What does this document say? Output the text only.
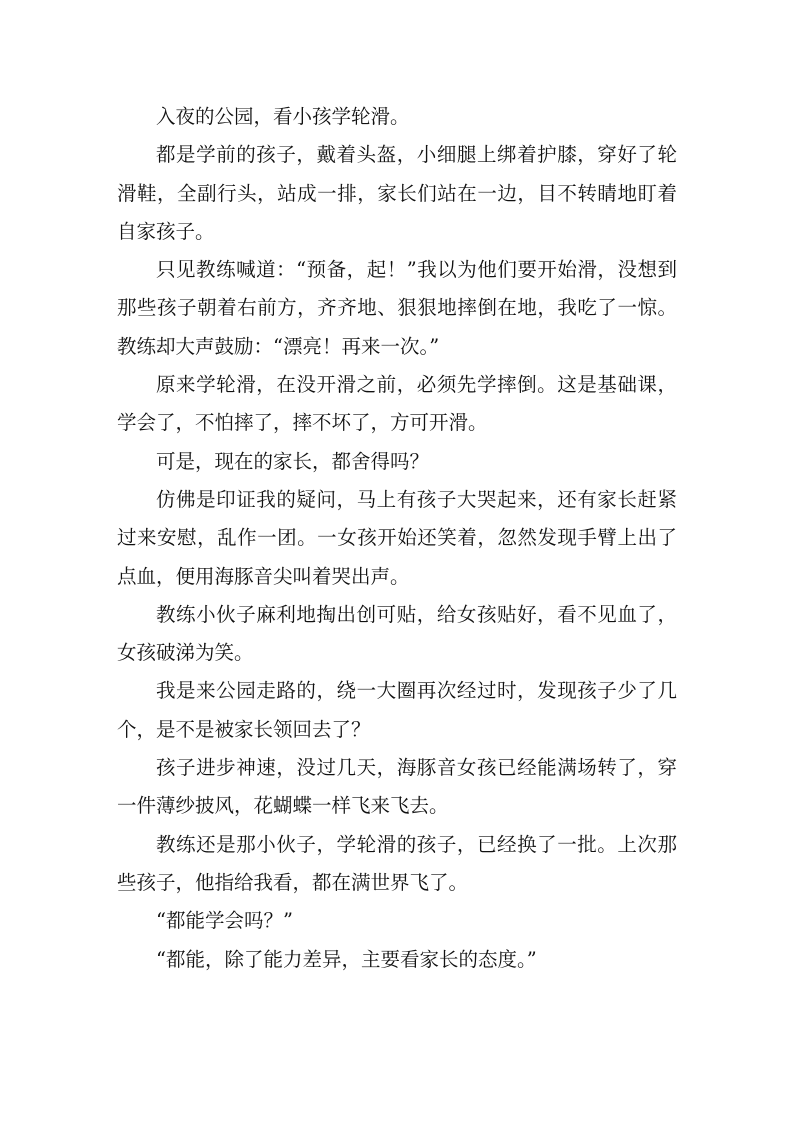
入夜的公园，看小孩学轮滑。

都是学前的孩子，戴着头盔，小细腿上绑着护膝，穿好了轮滑鞋，全副行头，站成一排，家长们站在一边，目不转睛地盯着自家孩子。

只见教练喊道：“预备，起！”我以为他们要开始滑，没想到那些孩子朝着右前方，齐齐地、狠狠地摔倒在地，我吃了一惊。教练却大声鼓励：“漂亮！再来一次。”

原来学轮滑，在没开滑之前，必须先学摔倒。这是基础课，学会了，不怕摔了，摔不坏了，方可开滑。

可是，现在的家长，都舍得吗？

仿佛是印证我的疑问，马上有孩子大哭起来，还有家长赶紧过来安慰，乱作一团。一女孩开始还笑着，忽然发现手臂上出了点血，便用海豚音尖叫着哭出声。

教练小伙子麻利地掏出创可贴，给女孩贴好，看不见血了，女孩破涕为笑。

我是来公园走路的，绕一大圈再次经过时，发现孩子少了几个，是不是被家长领回去了？

孩子进步神速，没过几天，海豚音女孩已经能满场转了，穿一件薄纱披风，花蝴蝶一样飞来飞去。

教练还是那小伙子，学轮滑的孩子，已经换了一批。上次那些孩子，他指给我看，都在满世界飞了。

“都能学会吗？”

“都能，除了能力差异，主要看家长的态度。”
